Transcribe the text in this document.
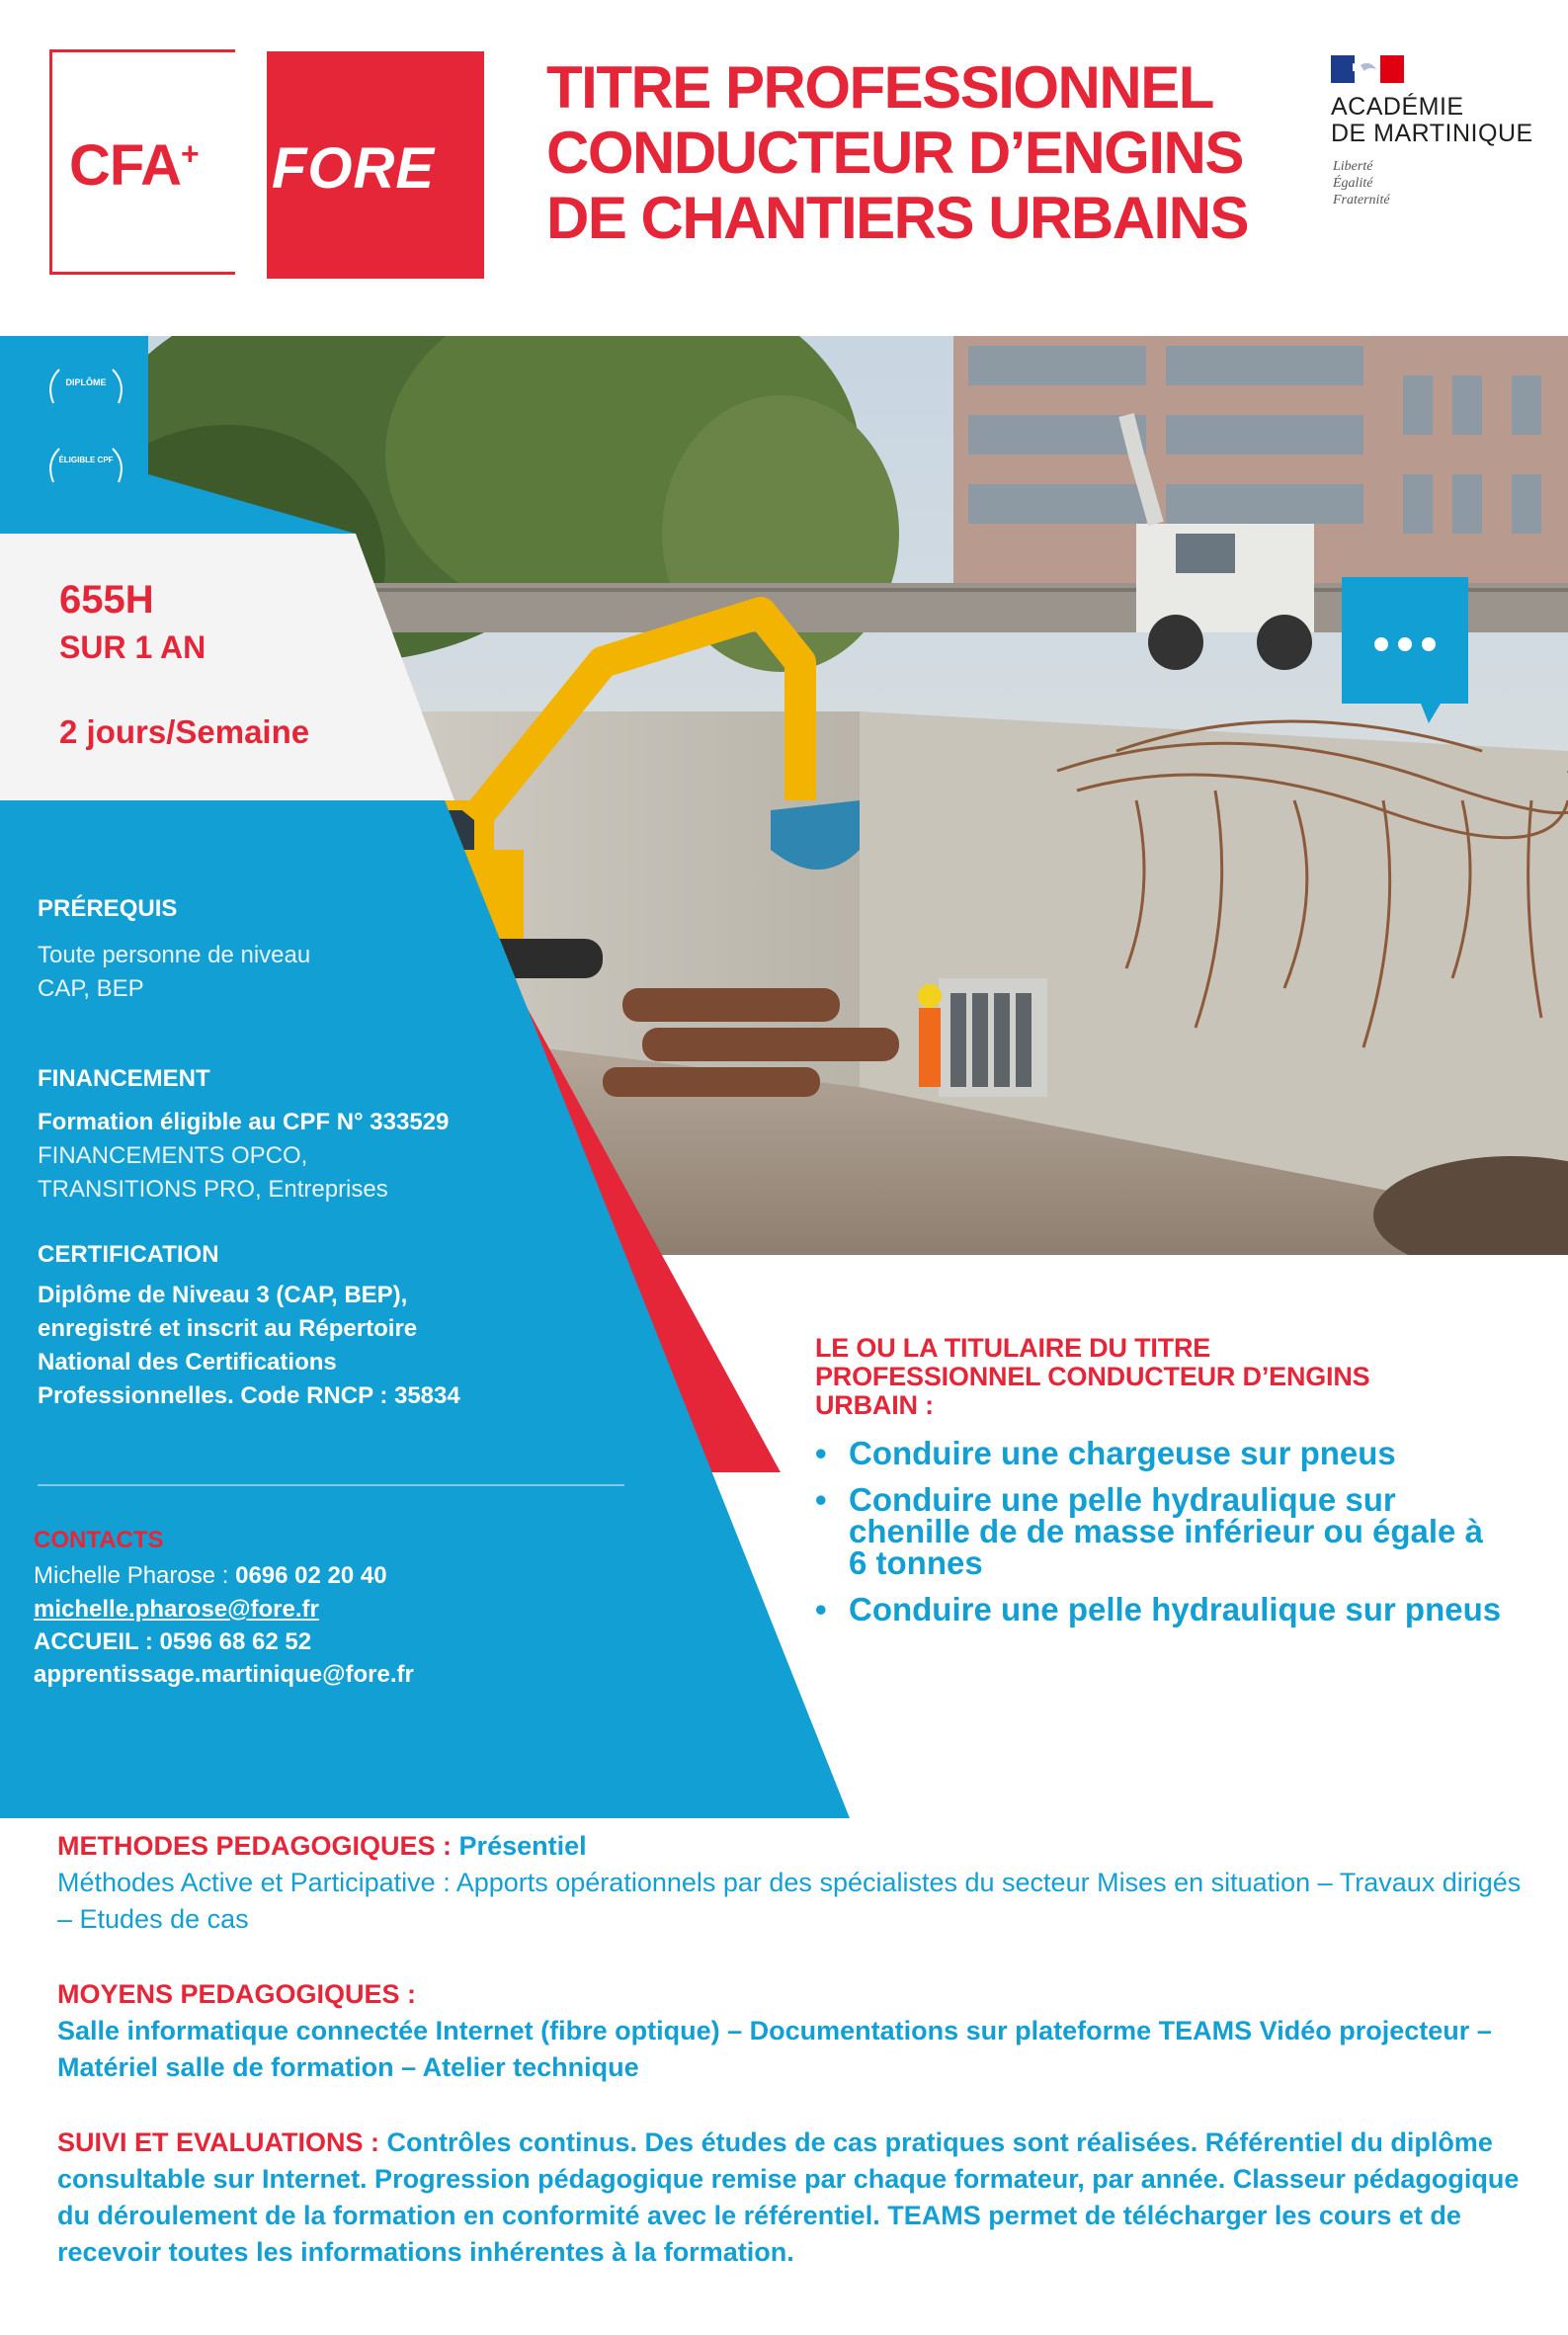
CFA+ FORE
TITRE PROFESSIONNEL
CONDUCTEUR D’ENGINS
DE CHANTIERS URBAINS
ACADÉMIE
DE MARTINIQUE
Liberté
Égalité
Fraternité
DIPLÔME
ÉLIGIBLE CPF
655H
SUR 1 AN
2 jours/Semaine
PRÉREQUIS
Toute personne de niveau
CAP, BEP
FINANCEMENT
Formation éligible au CPF N° 333529
FINANCEMENTS OPCO,
TRANSITIONS PRO, Entreprises
CERTIFICATION
Diplôme de Niveau 3 (CAP, BEP),
enregistré et inscrit au Répertoire
National des Certifications
Professionnelles. Code RNCP : 35834
CONTACTS
Michelle Pharose : 0696 02 20 40
michelle.pharose@fore.fr
ACCUEIL : 0596 68 62 52
apprentissage.martinique@fore.fr
LE OU LA TITULAIRE DU TITRE
PROFESSIONNEL CONDUCTEUR D’ENGINS
URBAIN :
• Conduire une chargeuse sur pneus
• Conduire une pelle hydraulique sur chenille de de masse inférieur ou égale à 6 tonnes
• Conduire une pelle hydraulique sur pneus
METHODES PEDAGOGIQUES : Présentiel
Méthodes Active et Participative : Apports opérationnels par des spécialistes du secteur Mises en situation – Travaux dirigés – Etudes de cas
MOYENS PEDAGOGIQUES :
Salle informatique connectée Internet (fibre optique) – Documentations sur plateforme TEAMS Vidéo projecteur – Matériel salle de formation – Atelier technique
SUIVI ET EVALUATIONS : Contrôles continus. Des études de cas pratiques sont réalisées. Référentiel du diplôme consultable sur Internet. Progression pédagogique remise par chaque formateur, par année. Classeur pédagogique du déroulement de la formation en conformité avec le référentiel. TEAMS permet de télécharger les cours et de recevoir toutes les informations inhérentes à la formation.
